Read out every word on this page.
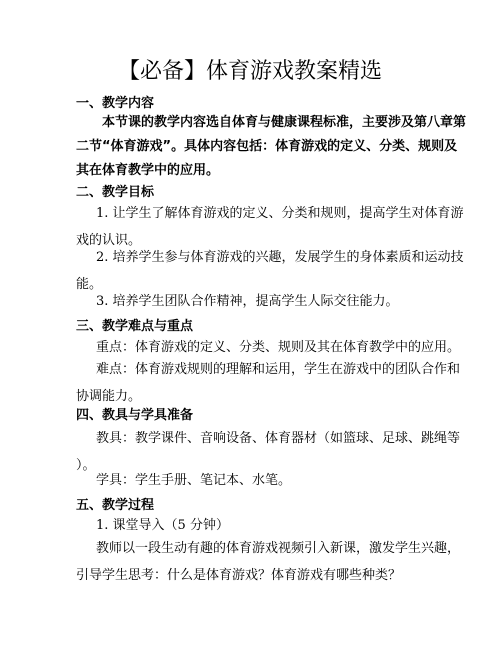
【必备】体育游戏教案精选
一、教学内容
本节课的教学内容选自体育与健康课程标准，主要涉及第八章第
二节“体育游戏”。具体内容包括：体育游戏的定义、分类、规则及
其在体育教学中的应用。
二、教学目标
1. 让学生了解体育游戏的定义、分类和规则，提高学生对体育游
戏的认识。
2. 培养学生参与体育游戏的兴趣，发展学生的身体素质和运动技
能。
3. 培养学生团队合作精神，提高学生人际交往能力。
三、教学难点与重点
重点：体育游戏的定义、分类、规则及其在体育教学中的应用。
难点：体育游戏规则的理解和运用，学生在游戏中的团队合作和
协调能力。
四、教具与学具准备
教具：教学课件、音响设备、体育器材（如篮球、足球、跳绳等
）。
学具：学生手册、笔记本、水笔。
五、教学过程
1. 课堂导入（5 分钟）
教师以一段生动有趣的体育游戏视频引入新课，激发学生兴趣，
引导学生思考：什么是体育游戏？体育游戏有哪些种类？
